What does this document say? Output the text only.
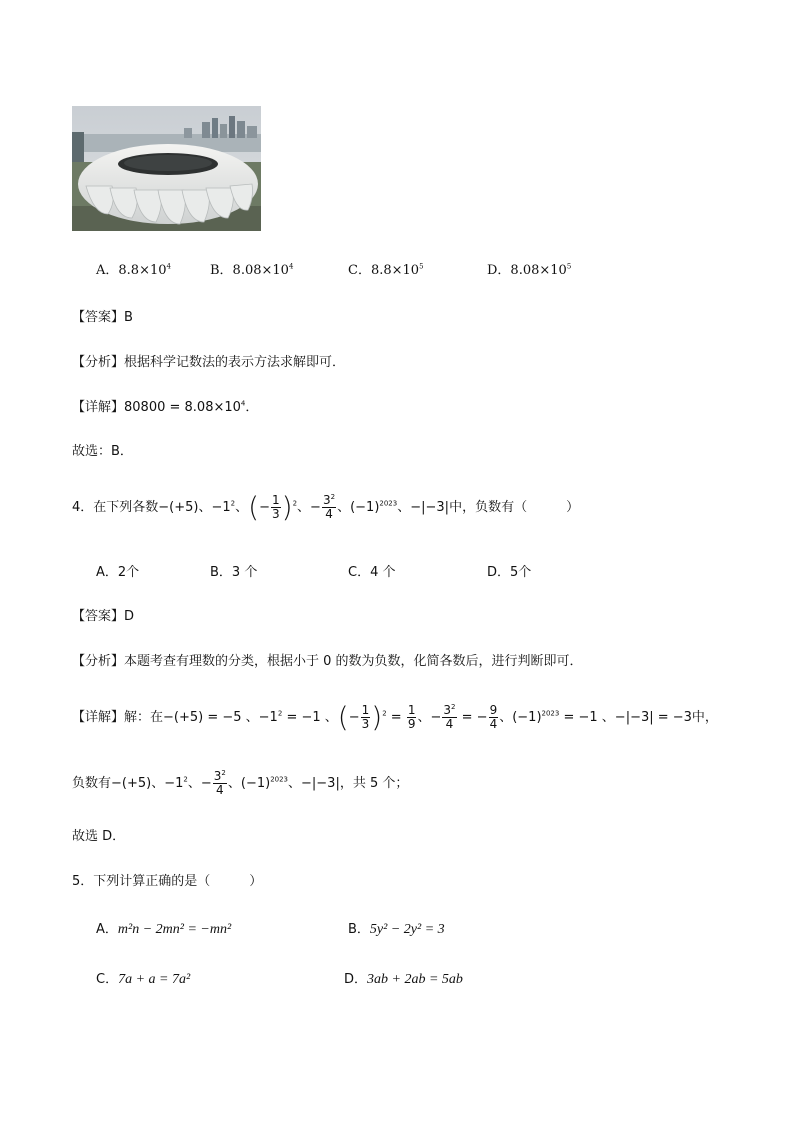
A．$8.8\times 10^4$	B．$8.08\times 10^4$	C．$8.8\times 10^5$	D．$8.08\times 10^5$
【答案】B
【分析】根据科学记数法的表示方法求解即可．
【详解】$80800 = 8.08\times 10^4$．
故选：B．
4．在下列各数−(+5)、$-1^2$、(− $\frac{1}{3} )^2$、− $\frac{3^2}{4}$ 、$(-1)^{2023}$、−|−3|中，负数有（　　　）
A．2个	B．3 个	C．4 个	D．5个
【答案】D
【分析】本题考查有理数的分类，根据小于 0 的数为负数，化简各数后，进行判断即可．
【详解】解：在−(+5) = −5 、$-1^2 = -1$ 、(− $\frac{1}{3} )^2 = \frac{1}{9}$ 、− $\frac{3^2}{4}$ = − $\frac{9}{4}$ 、$(-1)^{2023} = -1$ 、−|−3| = −3中，
负数有−(+5)、$-1^2$、− $\frac{3^2}{4}$ 、$(-1)^{2023}$、−|−3|，共 5 个；
故选 D．
5．下列计算正确的是（　　　）
A．m²n − 2mn² = −mn²	B．5y² − 2y² = 3
C．7a + a = 7a²	D．3ab + 2ab = 5ab
